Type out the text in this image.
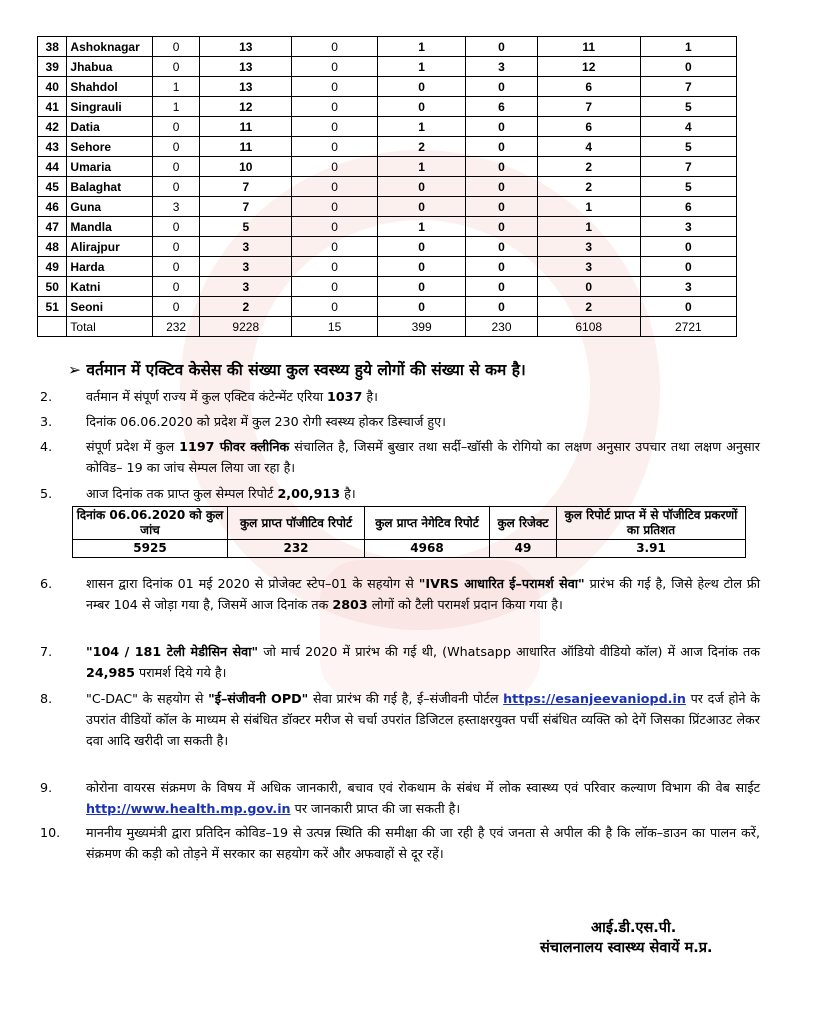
38	Ashoknagar	0	13	0	1	0	11	1
39	Jhabua	0	13	0	1	3	12	0
40	Shahdol	1	13	0	0	0	6	7
41	Singrauli	1	12	0	0	6	7	5
42	Datia	0	11	0	1	0	6	4
43	Sehore	0	11	0	2	0	4	5
44	Umaria	0	10	0	1	0	2	7
45	Balaghat	0	7	0	0	0	2	5
46	Guna	3	7	0	0	0	1	6
47	Mandla	0	5	0	1	0	1	3
48	Alirajpur	0	3	0	0	0	3	0
49	Harda	0	3	0	0	0	3	0
50	Katni	0	3	0	0	0	0	3
51	Seoni	0	2	0	0	0	2	0
	Total	232	9228	15	399	230	6108	2721
➢ वर्तमान में एक्टिव केसेस की संख्या कुल स्वस्थ्य हुये लोगों की संख्या से कम है।
2.	वर्तमान में संपूर्ण राज्य में कुल एक्टिव कंटेन्मेंट एरिया 1037 है।
3.	दिनांक 06.06.2020 को प्रदेश में कुल 230 रोगी स्वस्थ्य होकर डिस्चार्ज हुए।
4.	संपूर्ण प्रदेश में कुल 1197 फीवर क्लीनिक संचालित है, जिसमें बुखार तथा सर्दी–खॉसी के रोगियो का लक्षण अनुसार उपचार तथा लक्षण अनुसार कोविड– 19 का जांच सेम्पल लिया जा रहा है।
5.	आज दिनांक तक प्राप्त कुल सेम्पल रिपोर्ट 2,00,913 है।
दिनांक 06.06.2020 को कुल जांच	कुल प्राप्त पॉजीटिव रिपोर्ट	कुल प्राप्त नेगेटिव रिपोर्ट	कुल रिजेक्ट	कुल रिपोर्ट प्राप्त में से पॉजीटिव प्रकरणों का प्रतिशत
5925	232	4968	49	3.91
6.	शासन द्वारा दिनांक 01 मई 2020 से प्रोजेक्ट स्टेप–01 के सहयोग से "IVRS आधारित ई–परामर्श सेवा" प्रारंभ की गई है, जिसे हेल्थ टोल फ्री नम्बर 104 से जोड़ा गया है, जिसमें आज दिनांक तक 2803 लोगों को टैली परामर्श प्रदान किया गया है।
7.	"104 / 181 टेली मेडीसिन सेवा" जो मार्च 2020 में प्रारंभ की गई थी, (Whatsapp आधारित ऑडियो वीडियो कॉल) में आज दिनांक तक 24,985 परामर्श दिये गये है।
8.	"C-DAC" के सहयोग से "ई–संजीवनी OPD" सेवा प्रारंभ की गई है, ई–संजीवनी पोर्टल https://esanjeevaniopd.in पर दर्ज होने के उपरांत वीडियों कॉल के माध्यम से संबंधित डॉक्टर मरीज से चर्चा उपरांत डिजिटल हस्ताक्षरयुक्त पर्ची संबंधित व्यक्ति को देगें जिसका प्रिंटआउट लेकर दवा आदि खरीदी जा सकती है।
9.	कोरोना वायरस संक्रमण के विषय में अधिक जानकारी, बचाव एवं रोकथाम के संबंध में लोक स्वास्थ्य एवं परिवार कल्याण विभाग की वेब साईट http://www.health.mp.gov.in पर जानकारी प्राप्त की जा सकती है।
10. माननीय मुख्यमंत्री द्वारा प्रतिदिन कोविड–19 से उत्पन्न स्थिति की समीक्षा की जा रही है एवं जनता से अपील की है कि लॉक–डाउन का पालन करें, संक्रमण की कड़ी को तोड़ने में सरकार का सहयोग करें और अफवाहों से दूर रहें।
आई.डी.एस.पी.
संचालनालय स्वास्थ्य सेवायें म.प्र.
